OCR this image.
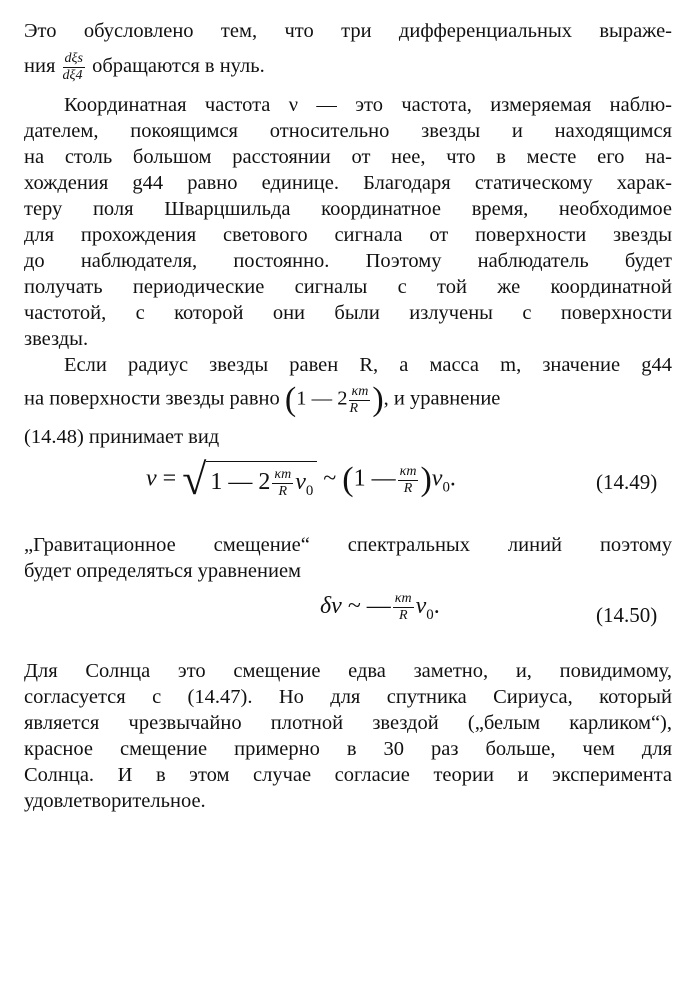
Это обусловлено тем, что три дифференциальных выраже-
ния $\frac{\text{dξs}}{d\xi 4}$ обращаются в нуль.
Координатная частота ν — это частота, измеряемая наблю-
дателем, покоящимся относительно звезды и находящимся
на столь большом расстоянии от нее, что в месте его на-
хождения g44 равно единице. Благодаря статическому харак-
теру поля Шварцшильда координатное время, необходимое
для прохождения светового сигнала от поверхности звезды
до наблюдателя, постоянно. Поэтому наблюдатель будет
получать периодические сигналы с той же координатной
частотой, с которой они были излучены с поверхности
звезды.
Если радиус звезды равен R, а масса m, значение g44
на поверхности звезды равно (1 — $2 \frac{\kappa m}{R}$ ), и уравнение
(14.48) принимает вид
ν = √ 1 — $2 \frac{\kappa m}{R} \nu_0$ ~ (1 — $\frac{\kappa m}{R} )\nu_0$.	(14.49)
„Гравитационное смещение“ спектральных линий поэтому
будет определяться уравнением
δν ~ — $\frac{\kappa m}{R} \nu_0$.	(14.50)
Для Солнца это смещение едва заметно, и, повидимому,
согласуется с (14.47). Но для спутника Сириуса, который
является чрезвычайно плотной звездой („белым карликом“),
красное смещение примерно в 30 раз больше, чем для
Солнца. И в этом случае согласие теории и эксперимента
удовлетворительное.
